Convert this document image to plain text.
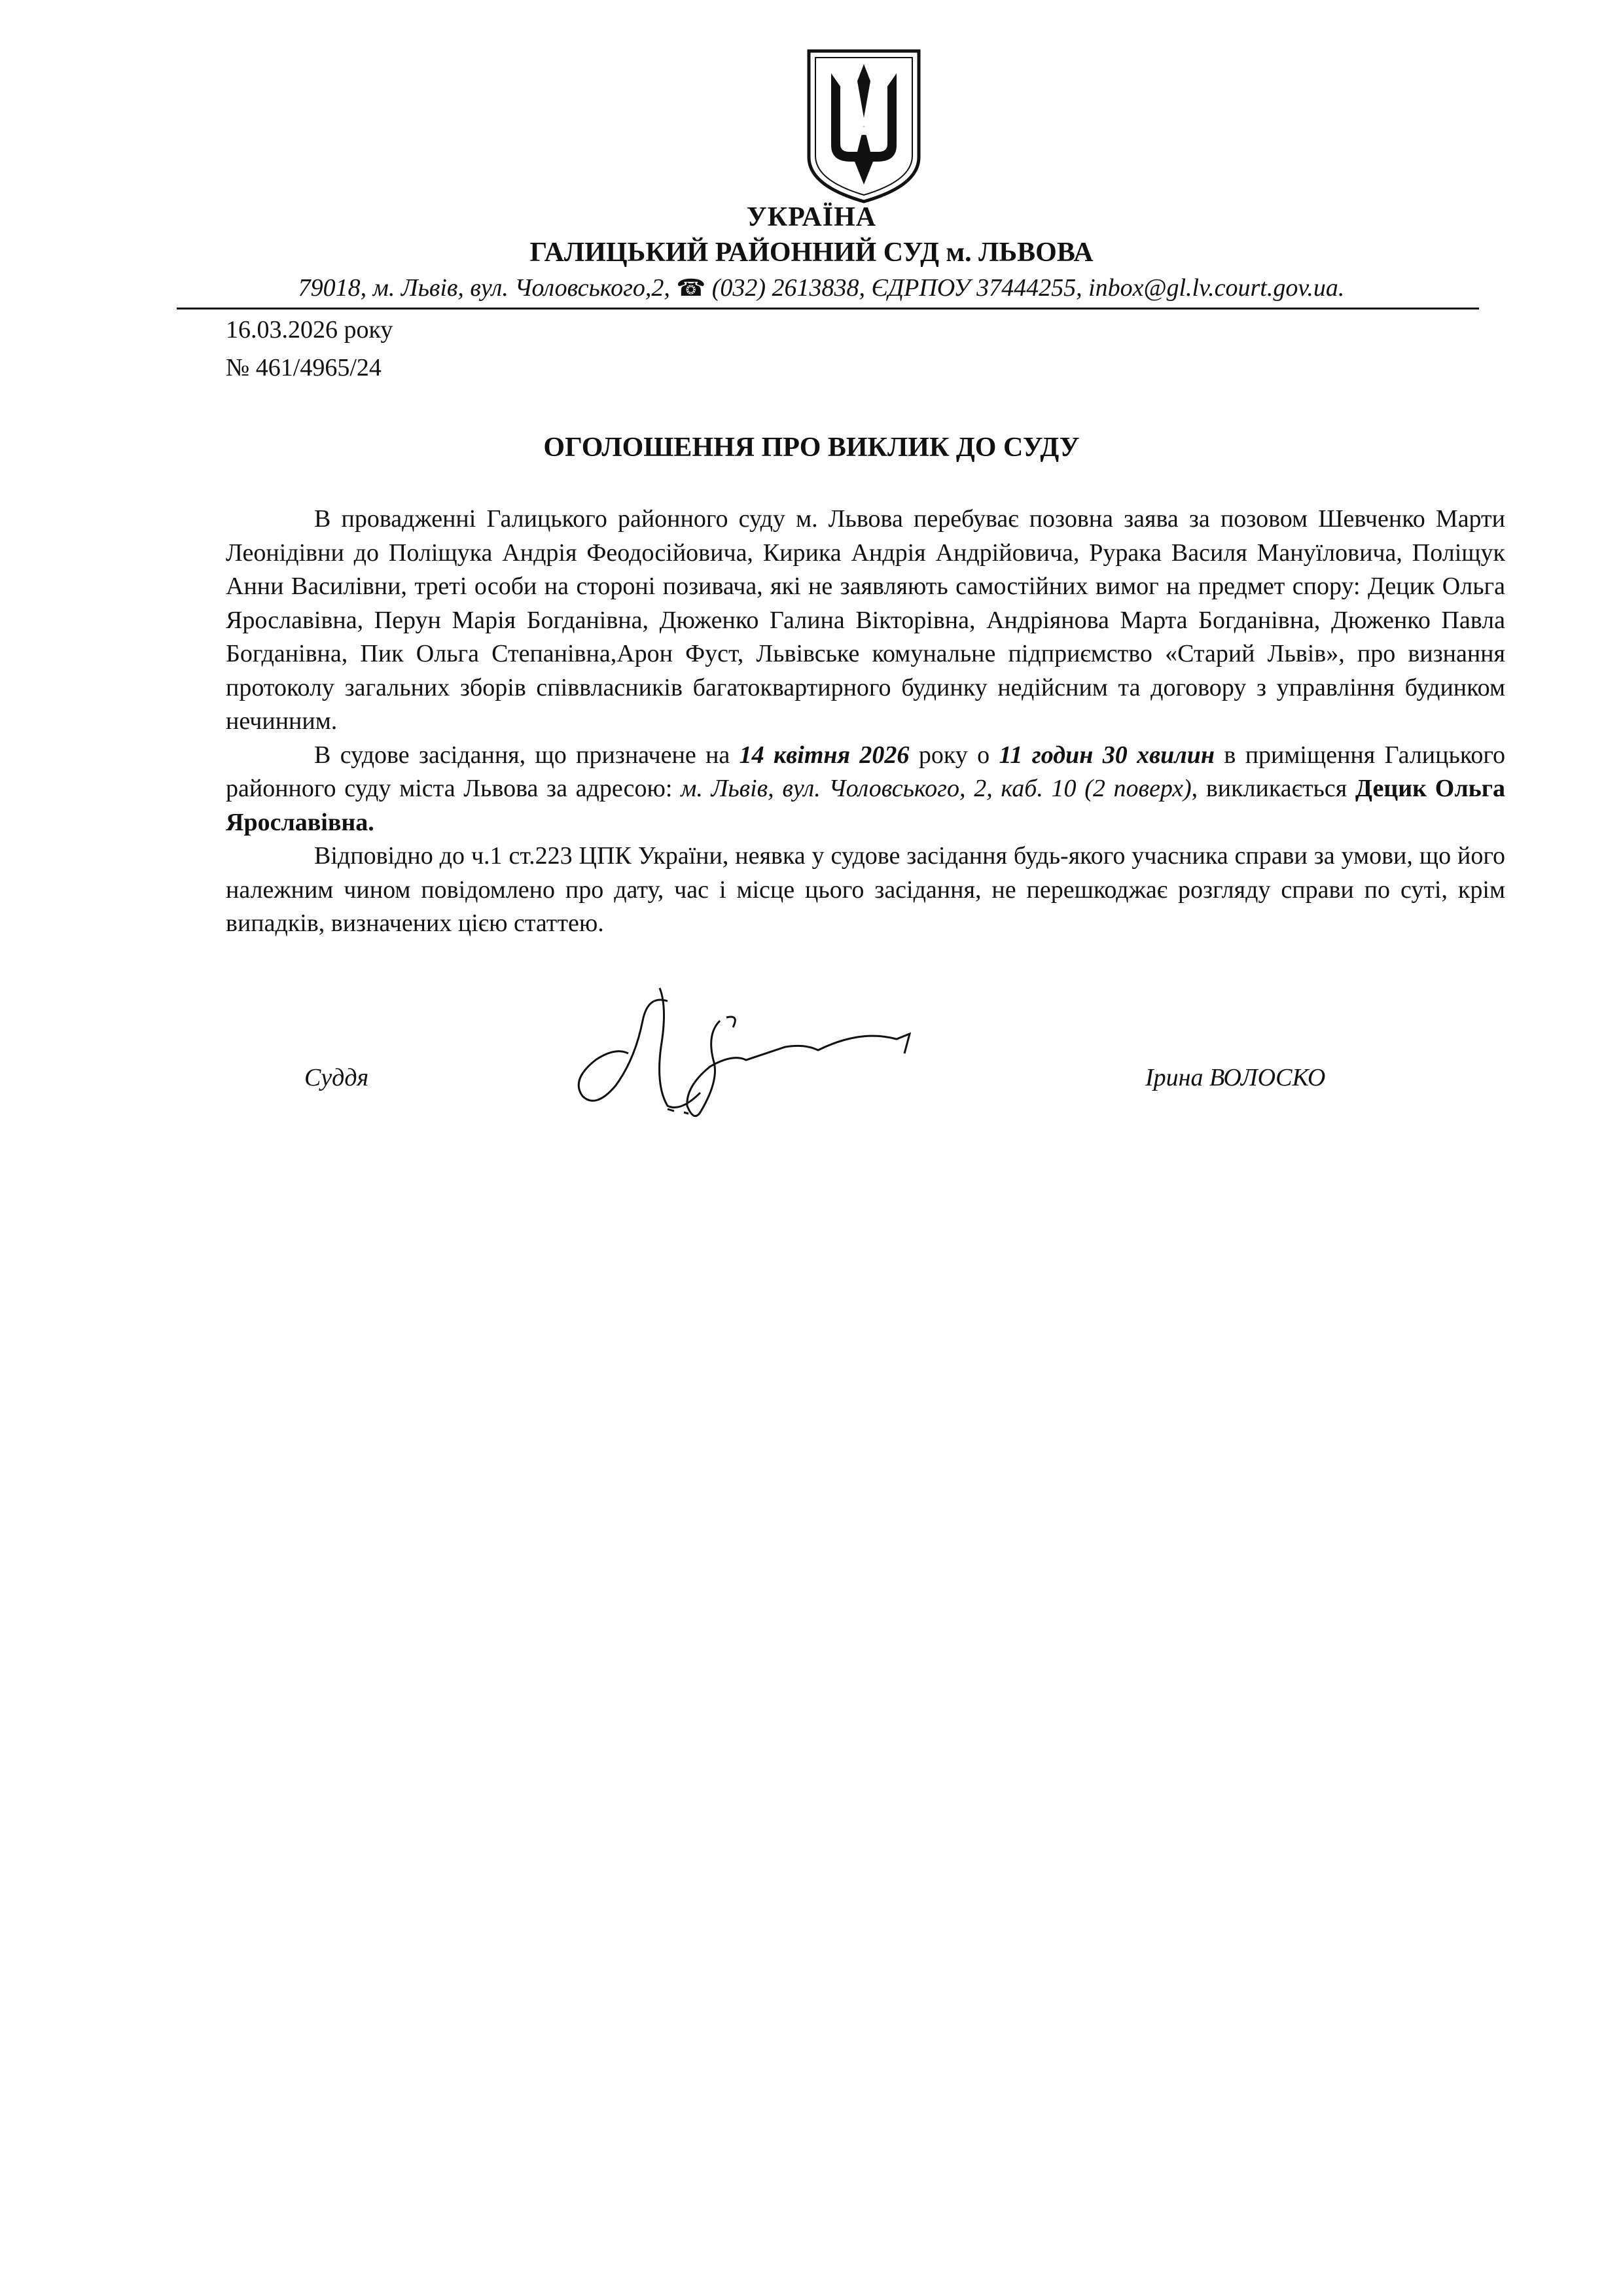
УКРАЇНА
ГАЛИЦЬКИЙ РАЙОННИЙ СУД м. ЛЬВОВА
79018, м. Львів, вул. Чоловського,2, ☎ (032) 2613838, ЄДРПОУ 37444255, inbox@gl.lv.court.gov.ua.
16.03.2026 року
№ 461/4965/24
ОГОЛОШЕННЯ ПРО ВИКЛИК ДО СУДУ

В провадженні Галицького районного суду м. Львова перебуває позовна заява за позовом Шевченко Марти Леонідівни до Поліщука Андрія Феодосійовича, Кирика Андрія Андрійовича, Рурака Василя Мануїловича, Поліщук Анни Василівни, треті особи на стороні позивача, які не заявляють самостійних вимог на предмет спору: Децик Ольга Ярославівна, Перун Марія Богданівна, Дюженко Галина Вікторівна, Андріянова Марта Богданівна, Дюженко Павла Богданівна, Пик Ольга Степанівна,Арон Фуст, Львівське комунальне підприємство «Старий Львів», про визнання протоколу загальних зборів співвласників багатоквартирного будинку недійсним та договору з управління будинком нечинним.

В судове засідання, що призначене на 14 квітня 2026 року о 11 годин 30 хвилин в приміщення Галицького районного суду міста Львова за адресою: м. Львів, вул. Чоловського, 2, каб. 10 (2 поверх), викликається Децик Ольга Ярославівна.

Відповідно до ч.1 ст.223 ЦПК України, неявка у судове засідання будь-якого учасника справи за умови, що його належним чином повідомлено про дату, час і місце цього засідання, не перешкоджає розгляду справи по суті, крім випадків, визначених цією статтею.

Суддя	Ірина ВОЛОСКО
